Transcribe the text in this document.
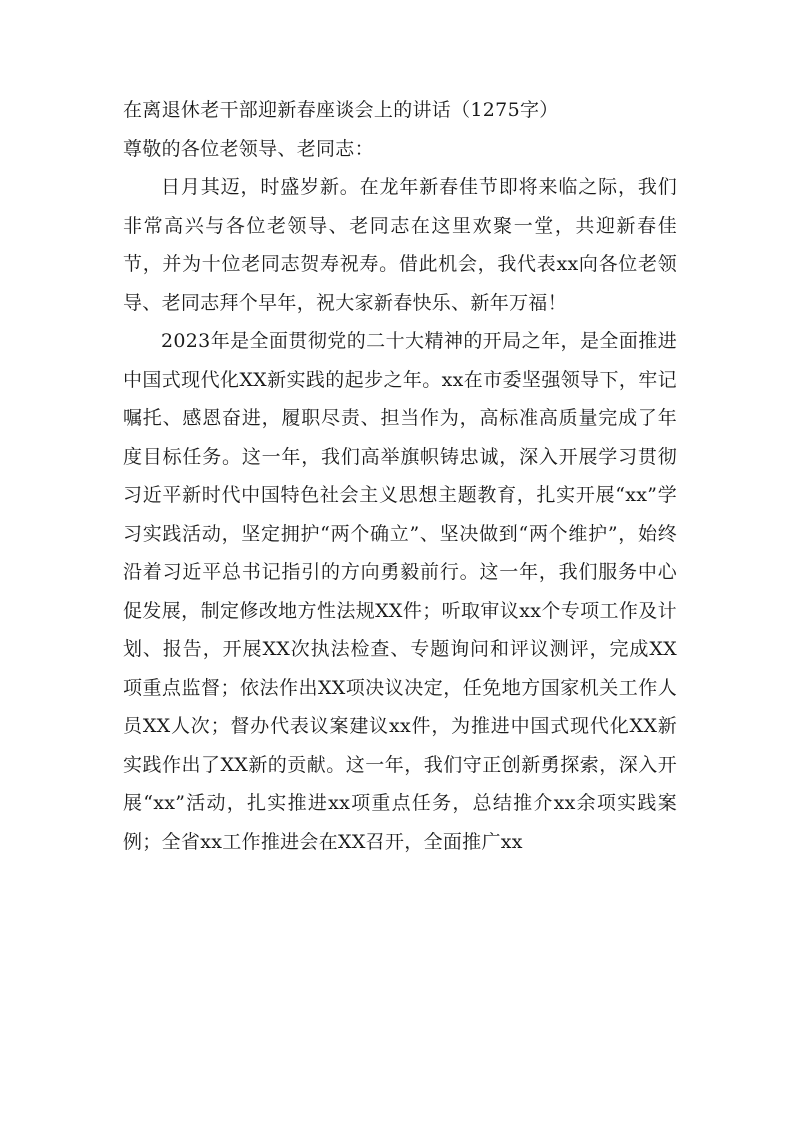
在离退休老干部迎新春座谈会上的讲话（1275字）

尊敬的各位老领导、老同志：

日月其迈，时盛岁新。在龙年新春佳节即将来临之际，我们非常高兴与各位老领导、老同志在这里欢聚一堂，共迎新春佳节，并为十位老同志贺寿祝寿。借此机会，我代表xx向各位老领导、老同志拜个早年，祝大家新春快乐、新年万福！

2023年是全面贯彻党的二十大精神的开局之年，是全面推进中国式现代化XX新实践的起步之年。xx在市委坚强领导下，牢记嘱托、感恩奋进，履职尽责、担当作为，高标准高质量完成了年度目标任务。这一年，我们高举旗帜铸忠诚，深入开展学习贯彻习近平新时代中国特色社会主义思想主题教育，扎实开展“xx”学习实践活动，坚定拥护“两个确立”、坚决做到“两个维护”，始终沿着习近平总书记指引的方向勇毅前行。这一年，我们服务中心促发展，制定修改地方性法规XX件；听取审议xx个专项工作及计划、报告，开展XX次执法检查、专题询问和评议测评，完成XX项重点监督；依法作出XX项决议决定，任免地方国家机关工作人员XX人次；督办代表议案建议xx件，为推进中国式现代化XX新实践作出了XX新的贡献。这一年，我们守正创新勇探索，深入开展“xx”活动，扎实推进xx项重点任务，总结推介xx余项实践案例；全省xx工作推进会在XX召开，全面推广xx
